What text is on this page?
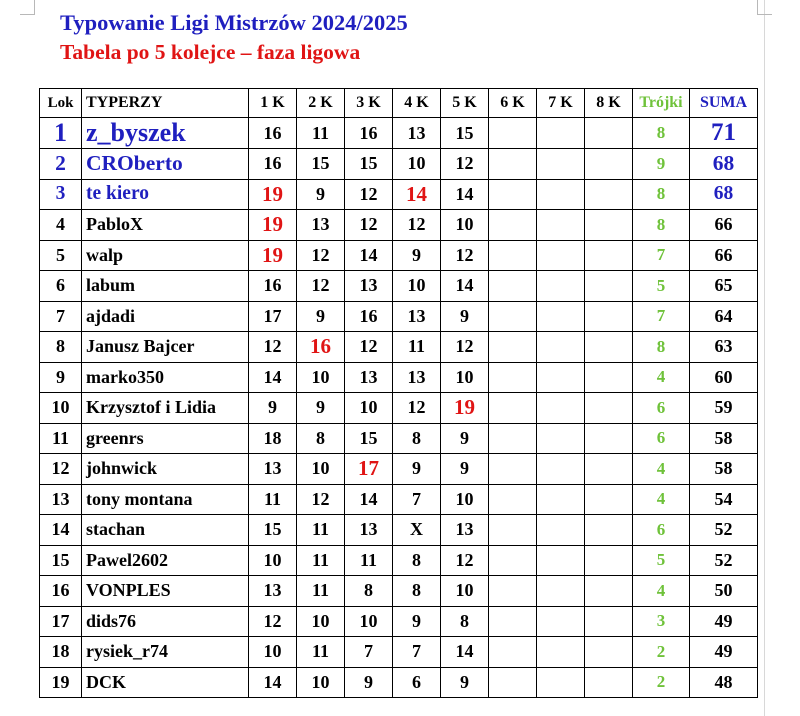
Typowanie Ligi Mistrzów 2024/2025
Tabela po 5 kolejce – faza ligowa
Lok	TYPERZY	1 K	2 K	3 K	4 K	5 K	6 K	7 K	8 K	Trójki	SUMA
1	z_byszek	16	11	16	13	15				8	71
2	CROberto	16	15	15	10	12				9	68
3	te kiero	19	9	12	14	14				8	68
4	PabloX	19	13	12	12	10				8	66
5	walp	19	12	14	9	12				7	66
6	labum	16	12	13	10	14				5	65
7	ajdadi	17	9	16	13	9				7	64
8	Janusz Bajcer	12	16	12	11	12				8	63
9	marko350	14	10	13	13	10				4	60
10	Krzysztof i Lidia	9	9	10	12	19				6	59
11	greenrs	18	8	15	8	9				6	58
12	johnwick	13	10	17	9	9				4	58
13	tony montana	11	12	14	7	10				4	54
14	stachan	15	11	13	X	13				6	52
15	Pawel2602	10	11	11	8	12				5	52
16	VONPLES	13	11	8	8	10				4	50
17	dids76	12	10	10	9	8				3	49
18	rysiek_r74	10	11	7	7	14				2	49
19	DCK	14	10	9	6	9				2	48
